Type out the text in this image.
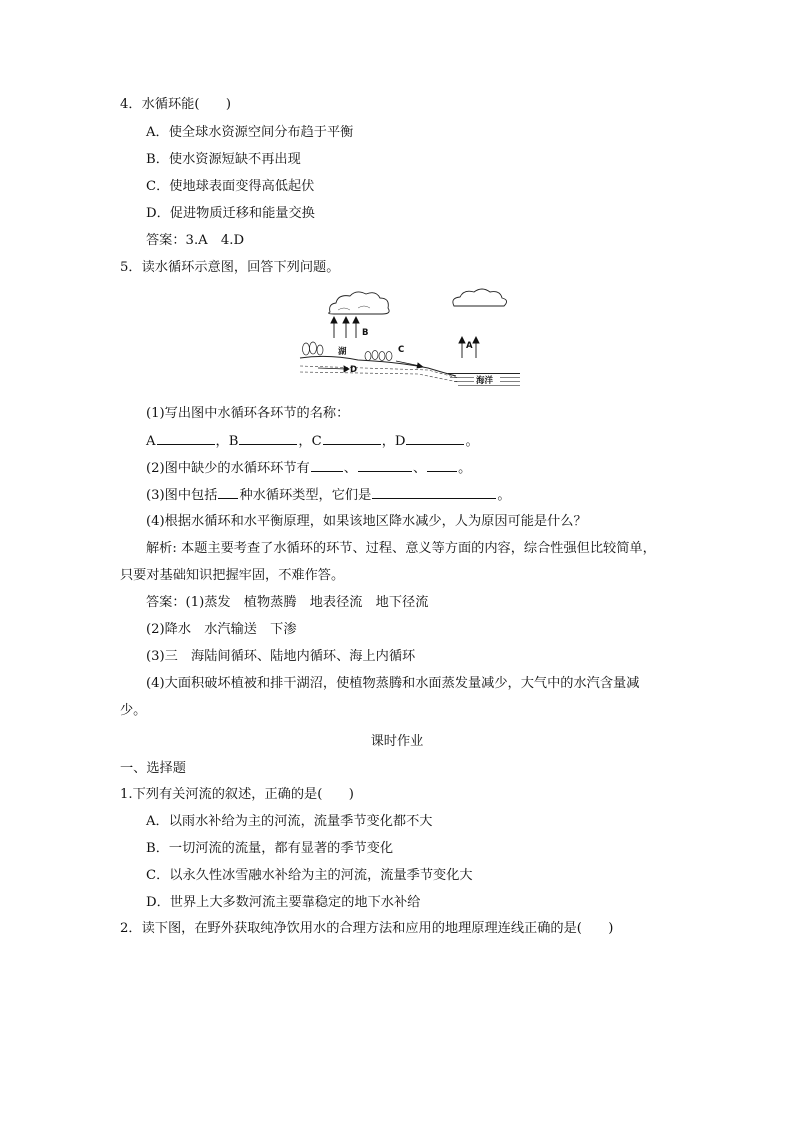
4．水循环能(　　)
A．使全球水资源空间分布趋于平衡
B．使水资源短缺不再出现
C．使地球表面变得高低起伏
D．促进物质迁移和能量交换
答案：3.A　4.D
5．读水循环示意图，回答下列问题。
B
A
湖	C
D
海洋
(1)写出图中水循环各环节的名称：
A	，B	，C	，D	。
(2)图中缺少的水循环环节有	、	、 。
(3)图中包括 种水循环类型，它们是	。
(4)根据水循环和水平衡原理，如果该地区降水减少，人为原因可能是什么？
解析: 本题主要考查了水循环的环节、过程、意义等方面的内容，综合性强但比较简单，
只要对基础知识把握牢固，不难作答。
答案：(1)蒸发　植物蒸腾　地表径流　地下径流
(2)降水　水汽输送　下渗
(3)三　海陆间循环、陆地内循环、海上内循环
(4)大面积破坏植被和排干湖沼，使植物蒸腾和水面蒸发量减少，大气中的水汽含量减
少。
课时作业
一、选择题
1.下列有关河流的叙述，正确的是(　　)
A．以雨水补给为主的河流，流量季节变化都不大
B．一切河流的流量，都有显著的季节变化
C．以永久性冰雪融水补给为主的河流，流量季节变化大
D．世界上大多数河流主要靠稳定的地下水补给
2．读下图，在野外获取纯净饮用水的合理方法和应用的地理原理连线正确的是(　　)
